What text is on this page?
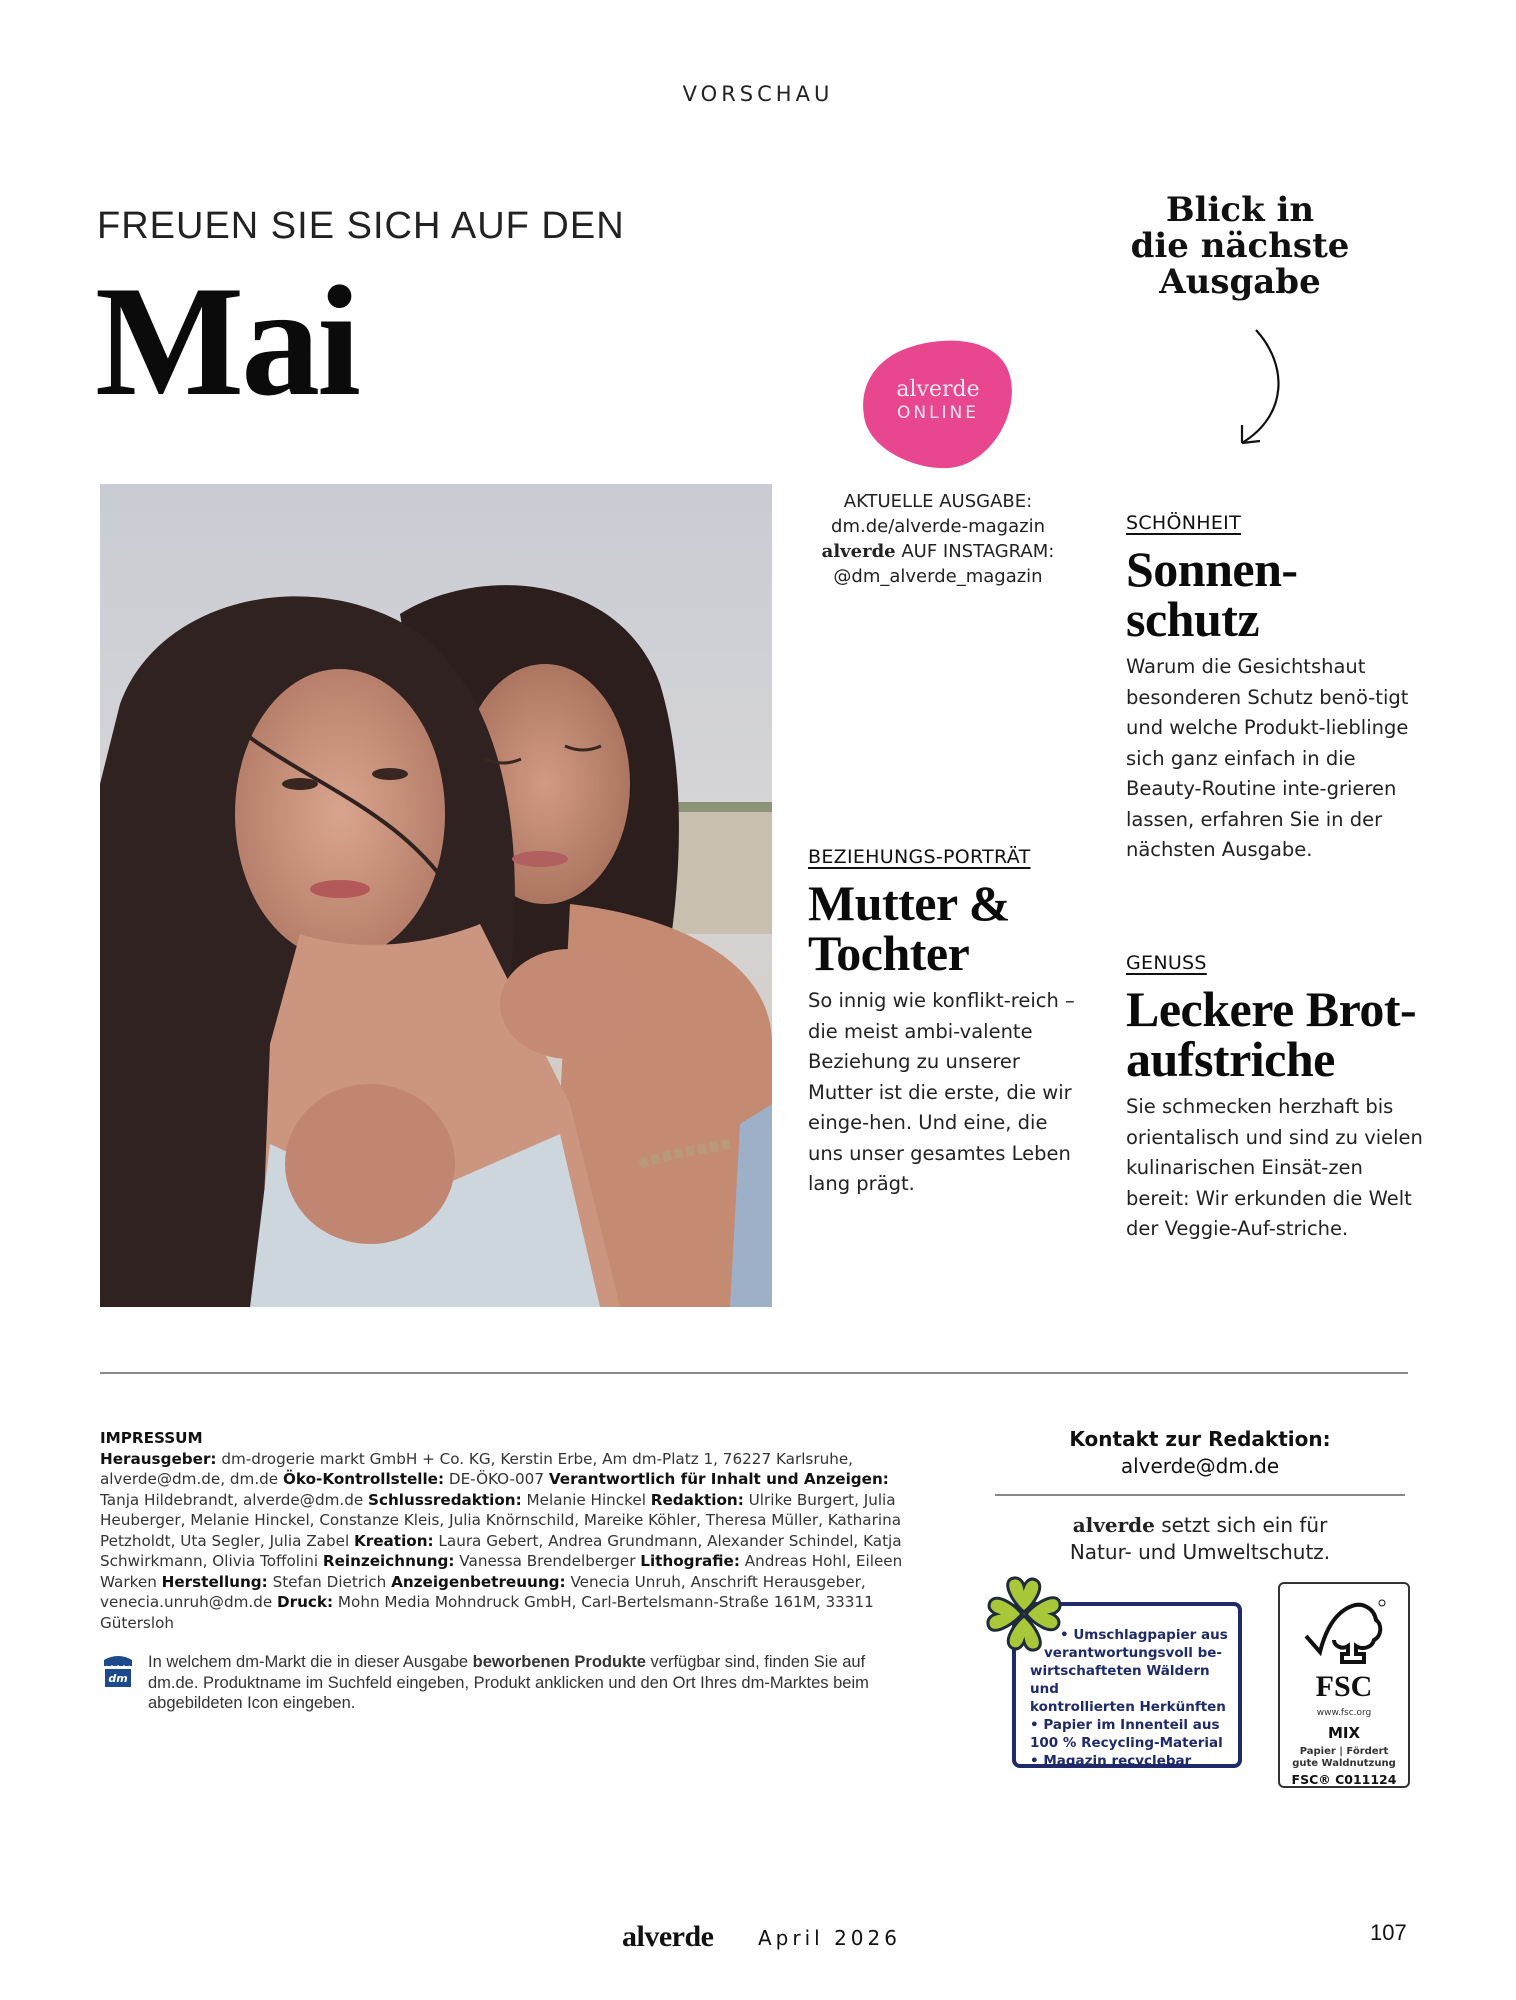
VORSCHAU
FREUEN SIE SICH AUF DEN
Mai
Blick in
die nächste
Ausgabe
alverde
ONLINE
AKTUELLE AUSGABE:
dm.de/alverde-magazin
alverde AUF INSTAGRAM:
@dm_alverde_magazin
SCHÖNHEIT
Sonnen-
schutz
Warum die Gesichtshaut besonderen Schutz benö-tigt und welche Produkt-lieblinge sich ganz einfach in die Beauty-Routine inte-grieren lassen, erfahren Sie in der nächsten Ausgabe.
BEZIEHUNGS-PORTRÄT
Mutter &
Tochter
So innig wie konflikt-reich – die meist ambi-valente Beziehung zu unserer Mutter ist die erste, die wir einge-hen. Und eine, die uns unser gesamtes Leben lang prägt.
GENUSS
Leckere Brot-
aufstriche
Sie schmecken herzhaft bis orientalisch und sind zu vielen kulinarischen Einsät-zen bereit: Wir erkunden die Welt der Veggie-Auf-striche.
IMPRESSUM
Herausgeber: dm-drogerie markt GmbH + Co. KG, Kerstin Erbe, Am dm-Platz 1, 76227 Karlsruhe, alverde@dm.de, dm.de Öko-Kontrollstelle: DE-ÖKO-007 Verantwortlich für Inhalt und Anzeigen: Tanja Hildebrandt, alverde@dm.de Schlussredaktion: Melanie Hinckel Redaktion: Ulrike Burgert, Julia Heuberger, Melanie Hinckel, Constanze Kleis, Julia Knörnschild, Mareike Köhler, Theresa Müller, Katharina Petzholdt, Uta Segler, Julia Zabel Kreation: Laura Gebert, Andrea Grundmann, Alexander Schindel, Katja Schwirkmann, Olivia Toffolini Reinzeichnung: Vanessa Brendelberger Lithografie: Andreas Hohl, Eileen Warken Herstellung: Stefan Dietrich Anzeigenbetreuung: Venecia Unruh, Anschrift Herausgeber, venecia.unruh@dm.de Druck: Mohn Media Mohndruck GmbH, Carl-Bertelsmann-Straße 161M, 33311 Gütersloh
dm
In welchem dm-Markt die in dieser Ausgabe beworbenen Produkte verfügbar sind, finden Sie auf dm.de. Produktname im Suchfeld eingeben, Produkt anklicken und den Ort Ihres dm-Marktes beim abgebildeten Icon eingeben.
Kontakt zur Redaktion:
alverde@dm.de
alverde setzt sich ein für
Natur- und Umweltschutz.
• Umschlagpapier aus
verantwortungsvoll be-
wirtschafteten Wäldern und
kontrollierten Herkünften
• Papier im Innenteil aus
100 % Recycling-Material
• Magazin recyclebar
FSC
www.fsc.org
MIX
Papier | Fördert
gute Waldnutzung
FSC® C011124
alverde April 2026	107
